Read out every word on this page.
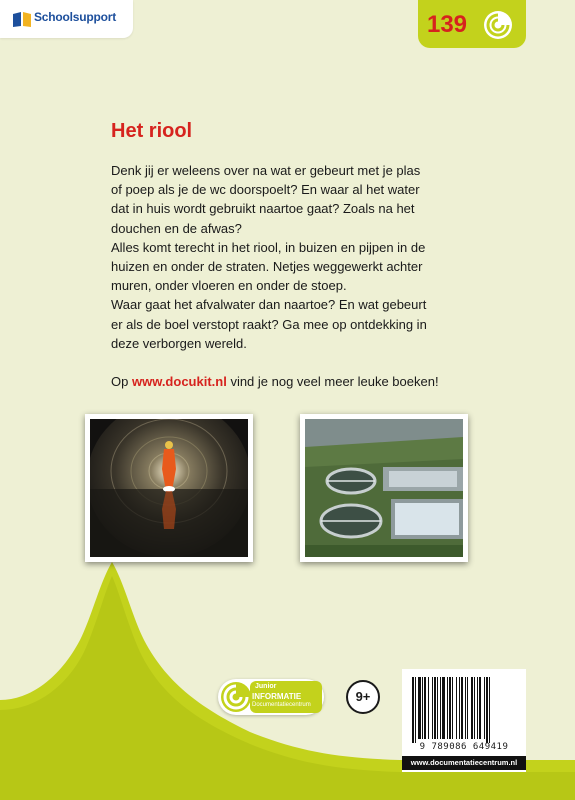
Schoolsupport	139
Het riool
Denk jij er weleens over na wat er gebeurt met je plas
of poep als je de wc doorspoelt? En waar al het water
dat in huis wordt gebruikt naartoe gaat? Zoals na het
douchen en de afwas?
Alles komt terecht in het riool, in buizen en pijpen in de
huizen en onder de straten. Netjes weggewerkt achter
muren, onder vloeren en onder de stoep.
Waar gaat het afvalwater dan naartoe? En wat gebeurt
er als de boel verstopt raakt? Ga mee op ontdekking in
deze verborgen wereld.

Op www.docukit.nl vind je nog veel meer leuke boeken!

Junior
INFORMATIE
Documentatiecentrum
9+
9 789086 649419
www.documentatiecentrum.nl
